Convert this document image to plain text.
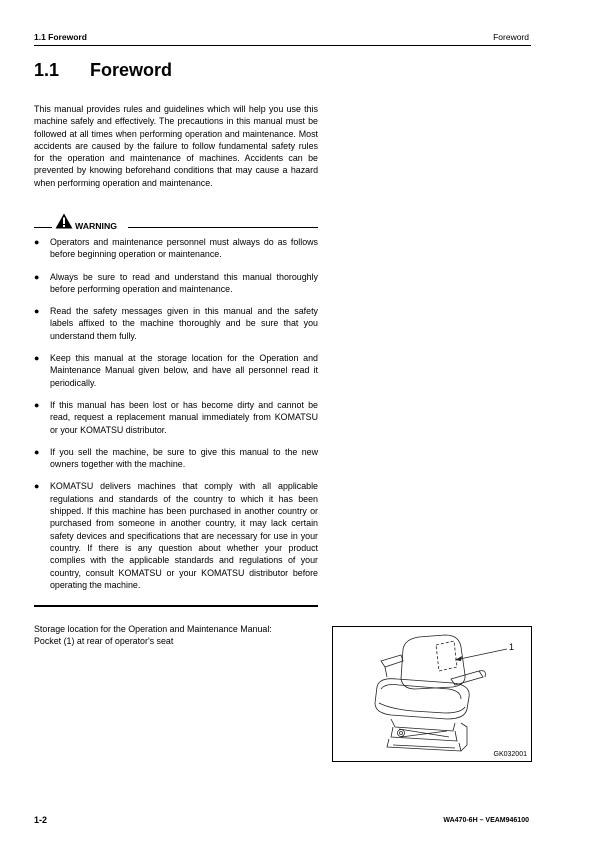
1.1 Foreword	Foreword
1.1 Foreword

This manual provides rules and guidelines which will help you use this machine safely and effectively. The precautions in this manual must be followed at all times when performing operation and maintenance. Most accidents are caused by the failure to follow fundamental safety rules for the operation and maintenance of machines. Accidents can be prevented by knowing beforehand conditions that may cause a hazard when performing operation and maintenance.

WARNING
● Operators and maintenance personnel must always do as follows before beginning operation or maintenance.
● Always be sure to read and understand this manual thoroughly before performing operation and maintenance.
● Read the safety messages given in this manual and the safety labels affixed to the machine thoroughly and be sure that you understand them fully.
● Keep this manual at the storage location for the Operation and Maintenance Manual given below, and have all personnel read it periodically.
● If this manual has been lost or has become dirty and cannot be read, request a replacement manual immediately from KOMATSU or your KOMATSU distributor.
● If you sell the machine, be sure to give this manual to the new owners together with the machine.
● KOMATSU delivers machines that comply with all applicable regulations and standards of the country to which it has been shipped. If this machine has been purchased in another country or purchased from someone in another country, it may lack certain safety devices and specifications that are necessary for use in your country. If there is any question about whether your product complies with the applicable standards and regulations of your country, consult KOMATSU or your KOMATSU distributor before operating the machine.
Storage location for the Operation and Maintenance Manual:
Pocket (1) at rear of operator's seat
1
GK032001
1-2	WA470-6H – VEAM946100
